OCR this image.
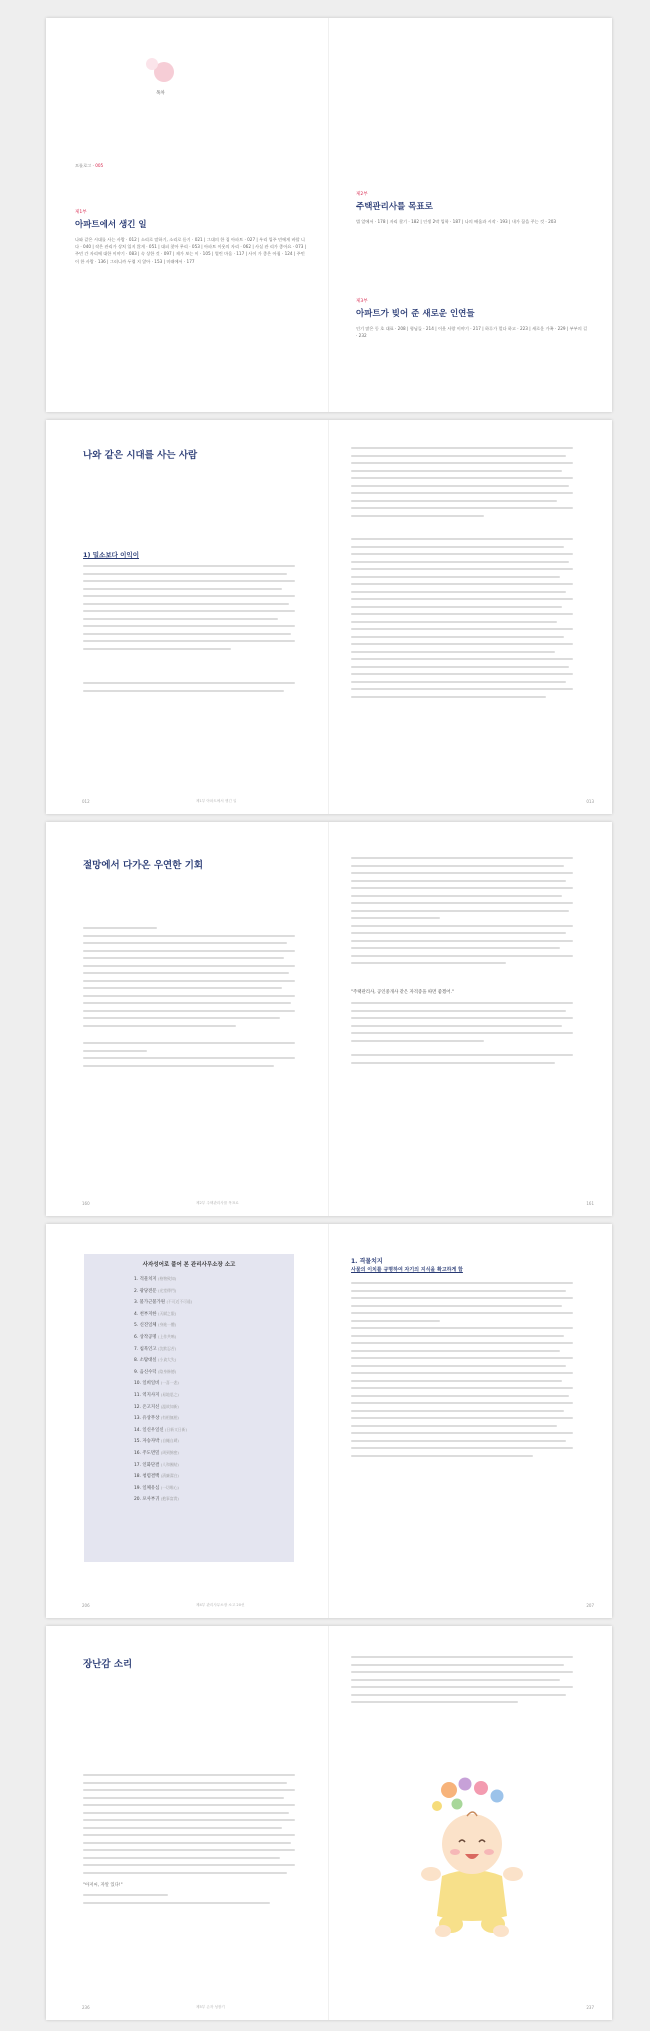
목차
프롤로그 · 005
제1부
아파트에서 생긴 일
나와 같은 시대를 사는 사람 · 012 | 소리로 말하기, 소리로 듣기 · 021 | 그대의 한 집 아파트 · 027 | 우리 입주 민에게 바랍 니다 · 040 | 작은 관리가 상처 입지 않게 · 051 | 대피 찾아 무리 · 053 | 아파트 이웃의 자리 · 062 | 사실 관 리가 좋아요 · 073 | 주민 간 자리에 대한 이야기 · 083 | 속 상한 것 · 097 | 제가 보는 이 · 105 | 열린 마음 · 117 | 사이 가 좋은 아침 · 124 | 주민이 한 사람 · 136 | 그러니까 두렵 지 않아 · 153 | 미래에서 · 177
제2부
주택관리사를 목표로
법 앞에서 · 178 | 자리 찾기 · 182 | 인생 2막 입학 · 187 | 나의 배움과 시작 · 193 | 내가 꿈을 꾸는 것 · 203
제3부
아파트가 빚어 준 새로운 인연들
인기 많은 동 호 대표 · 208 | 형님들 · 214 | 이웃 사랑 이야기 · 217 | 하루가 멀다 하고 · 223 | 새로운 가족 · 229 | 부부의 길 · 232
나와 같은 시대를 사는 사람
1) 밀소보다 이익이
012	제1부 아파트에서 생긴 일	013
절망에서 다가온 우연한 기회
160	제2부 주택관리사를 목표로
"주택관리사, 공인중개사 같은 자격증을 따면 좋겠어."
161
사자성어로 풀어 본 관리사무소장 소고
1. 격물치지 (格物致知)
2. 광당전문 (光堂傳門)
3. 불가근불가원 (不可近不可遠)
4. 천부지한 (天賦之限)
5. 신진일체 (身進一體)
6. 상작공명 (上作共鳴)
7. 침묵인고 (沈默忍苦)
8. 소탐대실 (小貪大失)
9. 음신수덕 (陰身修德)
10. 일희일비 (一喜一悲)
11. 역지사지 (易地思之)
12. 온고지신 (溫故知新)
13. 유상무상 (有相無相)
14. 일신우일신 (日新又日新)
15. 자승자박 (自繩自縛)
16. 주도면밀 (周到綿密)
17. 인화단결 (人和團結)
18. 청렴결백 (淸廉潔白)
19. 일체유심 (一切唯心)
20. 포사부귀 (抱事富貴)
206	제4부 관리사무소장 소고 20선
1. 격물치지
사물의 이치를 규명하여 자기의 지식을 확고하게 함
207
장난감 소리
"아저씨, 자알 있다!"
236	제5부 손자 성장기	237
